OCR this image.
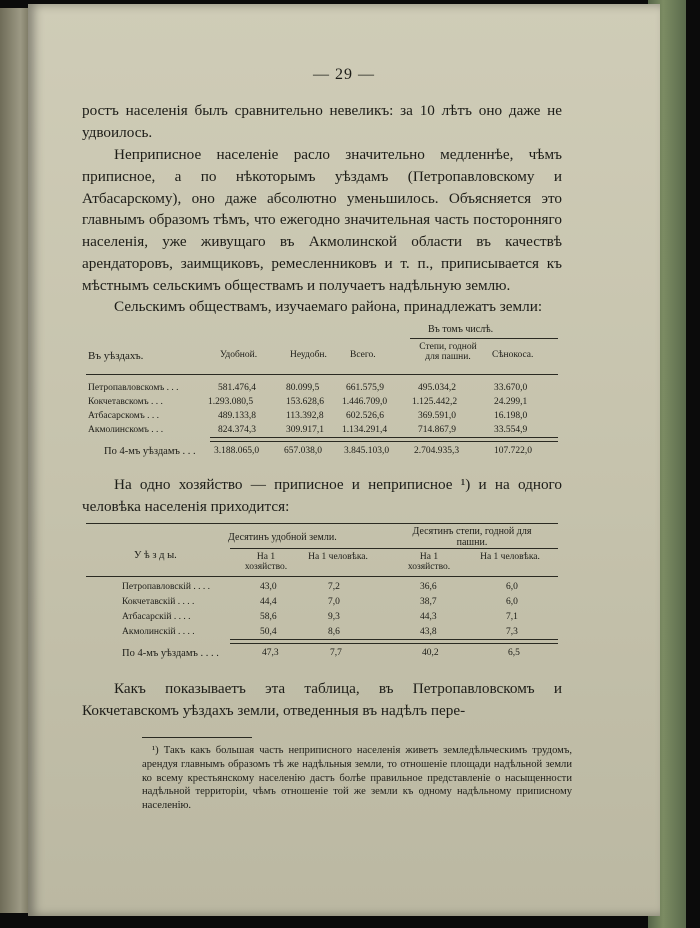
— 29 —
ростъ населенія былъ сравнительно невеликъ: за 10 лѣтъ оно даже не удвоилось.
Неприписное населеніе расло значительно медленнѣе, чѣмъ приписное, а по нѣкоторымъ уѣздамъ (Петропавловскому и Атбасарскому), оно даже абсолютно уменьшилось. Объясняется это главнымъ образомъ тѣмъ, что ежегодно значительная часть посторонняго населенія, уже живущаго въ Акмолинской области въ качествѣ арендаторовъ, заимщиковъ, ремесленниковъ и т. п., приписывается къ мѣстнымъ сельскимъ обществамъ и получаетъ надѣльную землю.
Сельскимъ обществамъ, изучаемаго района, принадлежатъ земли:
Въ томъ числѣ.
Въ уѣздахъ.	Удобной.	Неудобн. Всего.
Степи, годной для пашни.	Сѣнокоса.
Петропавловскомъ . . .	581.476,4	80.099,5	661.575,9	495.034,2	33.670,0
Кокчетавскомъ . . .	1.293.080,5	153.628,6 1.446.709,0	1.125.442,2	24.299,1
Атбасарскомъ . . .	489.133,8	113.392,8 602.526,6	369.591,0	16.198,0
Акмолинскомъ . . .	824.374,3	309.917,1 1.134.291,4	714.867,9	33.554,9
По 4-мъ уѣздамъ . . . 3.188.065,0	657.038,0 3.845.103,0	2.704.935,3	107.722,0
На одно хозяйство — приписное и неприписное ¹) и на одного человѣка населенія приходится:
Десятинъ удобной земли.
Десятинъ степи, годной для пашни.
У ѣ з д ы.	На 1 хозяйство.
На 1 человѣка.	На 1 хозяйство.
На 1 человѣка.
Петропавловскій . . . .	43,0	7,2	36,6	6,0
Кокчетавскій . . . .	44,4	7,0	38,7	6,0
Атбасарскій . . . .	58,6	9,3	44,3	7,1
Акмолинскій . . . .	50,4	8,6	43,8	7,3
По 4-мъ уѣздамъ . . . .	47,3	7,7	40,2	6,5
Какъ показываетъ эта таблица, въ Петропавловскомъ и Кокчетавскомъ уѣздахъ земли, отведенныя въ надѣлъ пере-
¹) Такъ какъ большая часть неприписного населенія живетъ земледѣльческимъ трудомъ, арендуя главнымъ образомъ тѣ же надѣльныя земли, то отношеніе площади надѣльной земли ко всему крестьянскому населенію дастъ болѣе правильное представленіе о насыщенности надѣльной территоріи, чѣмъ отношеніе той же земли къ одному надѣльному приписному населенію.
